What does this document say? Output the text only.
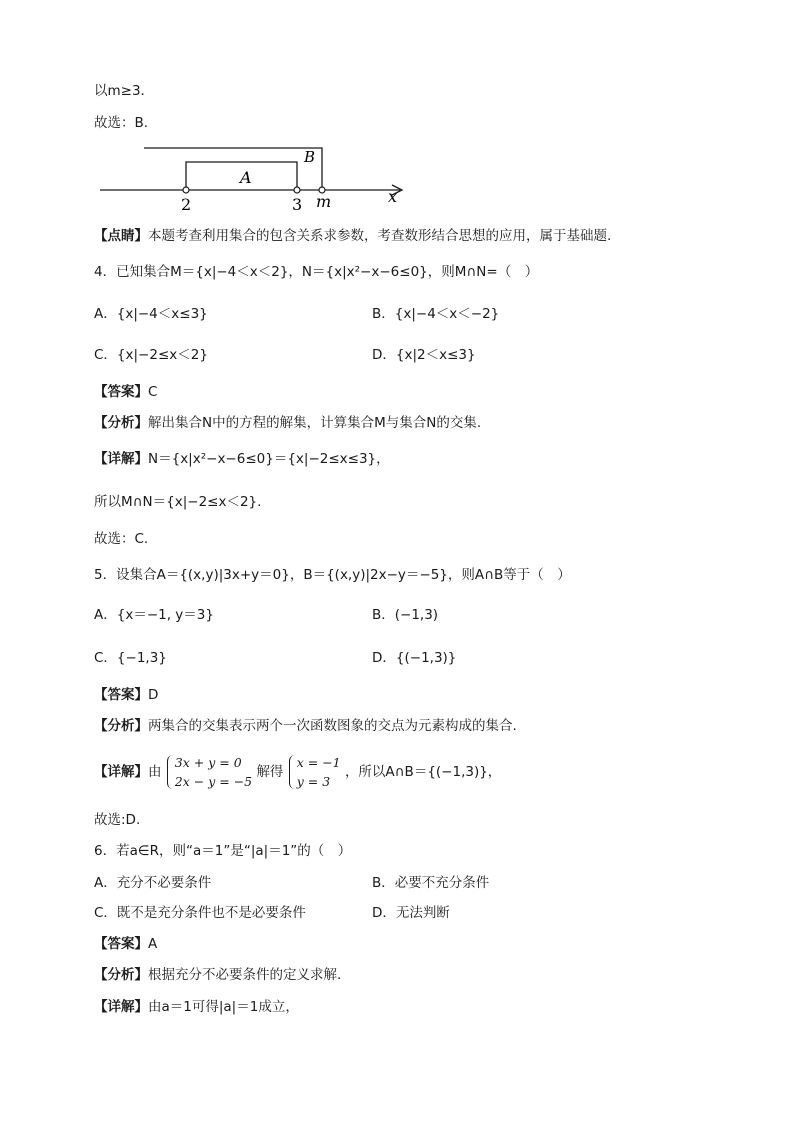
以m≥3．
故选：B.
A
B
2	3 m	x
【点睛】本题考查利用集合的包含关系求参数，考查数形结合思想的应用，属于基础题.
4．已知集合M＝{x|−4＜x＜2}，N＝{x|x²−x−6≤0}，则M∩N=（　）
A．{x|−4＜x≤3}	B．{x|−4＜x＜−2}
C．{x|−2≤x＜2}	D．{x|2＜x≤3}
【答案】C
【分析】解出集合N中的方程的解集，计算集合M与集合N的交集.
【详解】N＝{x|x²−x−6≤0}＝{x|−2≤x≤3}，
所以M∩N＝{x|−2≤x＜2}.
故选：C.
5．设集合A＝{(x,y)|3x+y＝0}，B＝{(x,y)|2x−y＝−5}，则A∩B等于（　）
A．{x＝−1, y＝3}	B．(−1,3)
C．{−1,3}	D．{(−1,3)}
【答案】D
【分析】两集合的交集表示两个一次函数图象的交点为元素构成的集合.
【详解】由
3x + y = 0
2x − y = −5
解得
x = −1
y = 3
，所以A∩B＝{(−1,3)}，
故选:D.
6．若a∈R，则“a＝1”是“|a|＝1”的（　）
A．充分不必要条件	B．必要不充分条件
C．既不是充分条件也不是必要条件	D．无法判断
【答案】A
【分析】根据充分不必要条件的定义求解.
【详解】由a＝1可得|a|＝1成立，
